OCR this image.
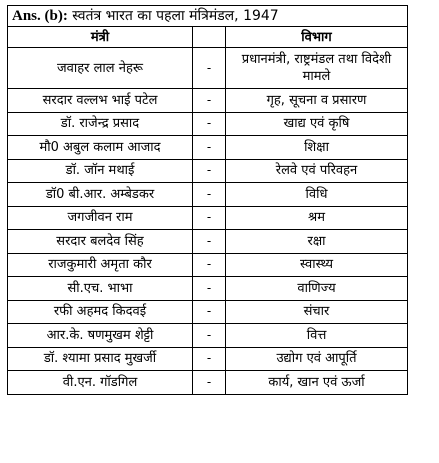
Ans. (b): स्वतंत्र भारत का पहला मंत्रिमंडल, 1947		
मंत्री		विभाग
जवाहर लाल नेहरू	-	प्रधानमंत्री, राष्ट्रमंडल तथा विदेशी मामले
सरदार वल्लभ भाई पटेल	-	गृह, सूचना व प्रसारण
डॉ. राजेन्द्र प्रसाद	-	खाद्य एवं कृषि
मौ0 अबुल कलाम आजाद	-	शिक्षा
डॉ. जॉन मथाई	-	रेलवे एवं परिवहन
डॉ0 बी.आर. अम्बेडकर	-	विधि
जगजीवन राम	-	श्रम
सरदार बलदेव सिंह	-	रक्षा
राजकुमारी अमृता कौर	-	स्वास्थ्य
सी.एच. भाभा	-	वाणिज्य
रफी अहमद किदवई	-	संचार
आर.के. षणमुखम शेट्टी	-	वित्त
डॉ. श्यामा प्रसाद मुखर्जी	-	उद्योग एवं आपूर्ति
वी.एन. गॉडगिल	-	कार्य, खान एवं ऊर्जा
